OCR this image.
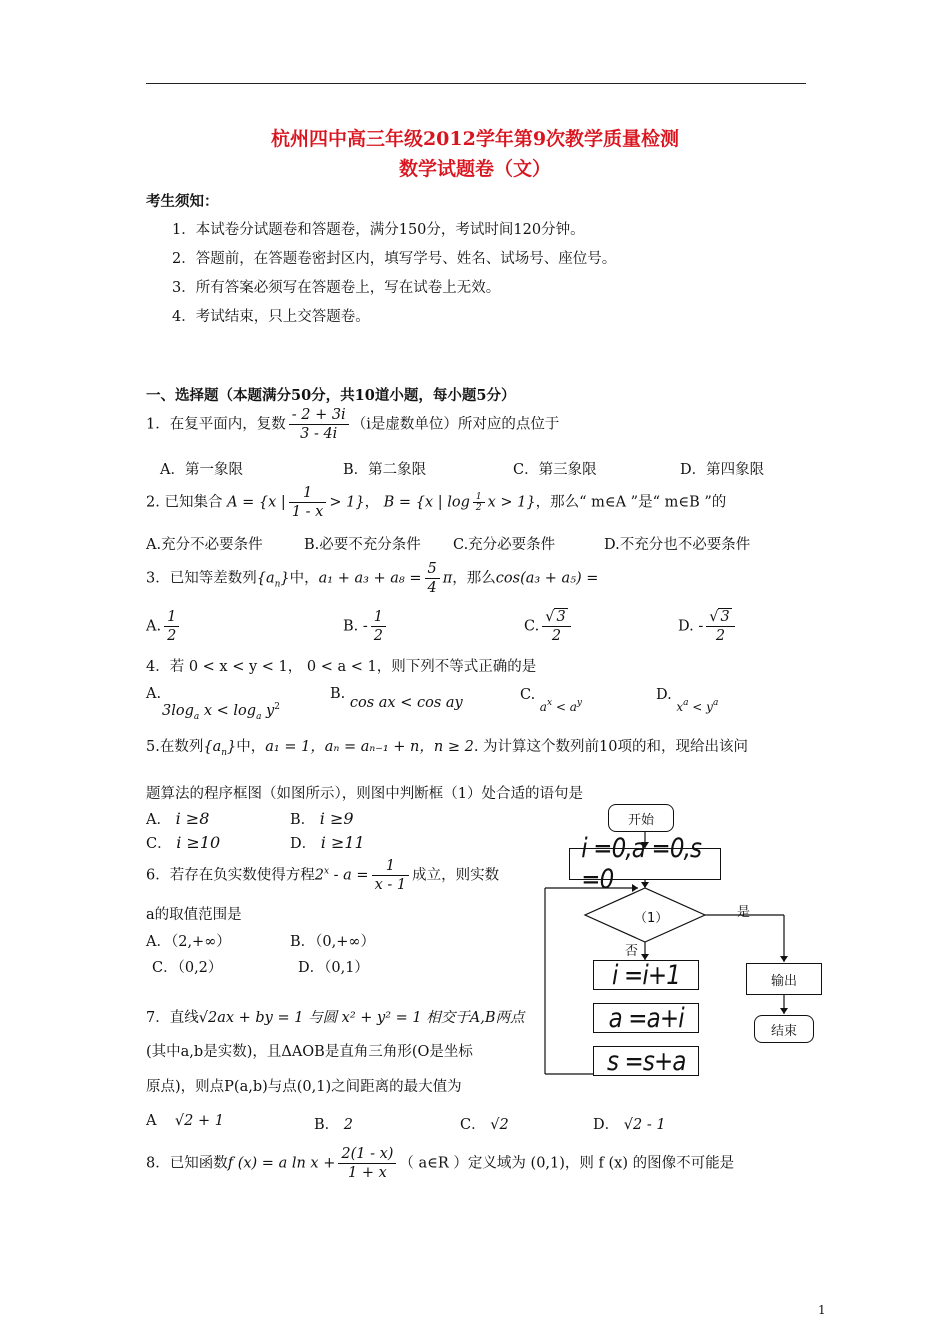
杭州四中高三年级2012学年第9次教学质量检测
数学试题卷（文）
考生须知：
1．本试卷分试题卷和答题卷，满分150分，考试时间120分钟。
2．答题前，在答题卷密封区内，填写学号、姓名、试场号、座位号。
3．所有答案必须写在答题卷上，写在试卷上无效。
4．考试结束，只上交答题卷。
一、选择题（本题满分50分，共10道小题，每小题5分）
1．在复平面内，复数 $\frac{- 2 + 3i}{3 - 4i} (i$是虚数单位）所对应的点位于
A．第一象限	B．第二象限	C．第三象限	D．第四象限
2. 已知集合 A = {x | $\frac{1}{1 - x} > 1$}， B = {x | $\log \frac{1}{2}$ x > 1}，那么“ m∈A ”是“ m∈B ”的
A.充分不必要条件	B.必要不充分条件 C.充分必要条件	D.不充分也不必要条件
3．已知等差数列$\{a_n\}$中，$a_1 + a_3 + a_8 = \frac{5}{4}$ π，那么cos(a₃ + a₅) =
A. $\frac{1}{2}$	B. - $\frac{1}{2}$	C. $\frac{√ 3}{2}$	D. - $\frac{√ 3}{2}$
4．若 0 < x < y < 1， 0 < a < 1，则下列不等式正确的是
A.
$3\log_a$ $x < \log_a y^2$
B. cos ax < cos ay	C. $_{a^x < a^y}$	D. $_{x^a < y^a}$
5.在数列$\{a_n\}$中，a₁ = 1，aₙ = aₙ₋₁ + n，n ≥ 2. 为计算这个数列前10项的和，现给出该问
题算法的程序框图（如图所示），则图中判断框（1）处合适的语句是
A． i ≥8	B． i ≥9
C． i ≥10	D． i ≥11
6．若存在负实数使得方程$2^x - a = \frac{1}{x - 1}$ 成立，则实数
a的取值范围是
A．（2,+∞）	B．（0,+∞）
C．（0,2）	D．（0,1）
7．直线√2ax + by = 1 与圆 x² + y² = 1 相交于A,B两点
(其中a,b是实数)，且ΔAOB是直角三角形(O是坐标
原点)，则点P(a,b)与点(0,1)之间距离的最大值为
A √2 + 1	B． 2	C． √2	D． √2 - 1
8．已知函数f (x) = a $\ln x + \frac{2(1 - x)}{1 + x}$ （ a∈R ）定义域为 (0,1)，则 f (x) 的图像不可能是
开始
i =0,a =0,s =0
（1）	是
否
i =i+1
a =a+i
s =s+a
输出
结束
1
